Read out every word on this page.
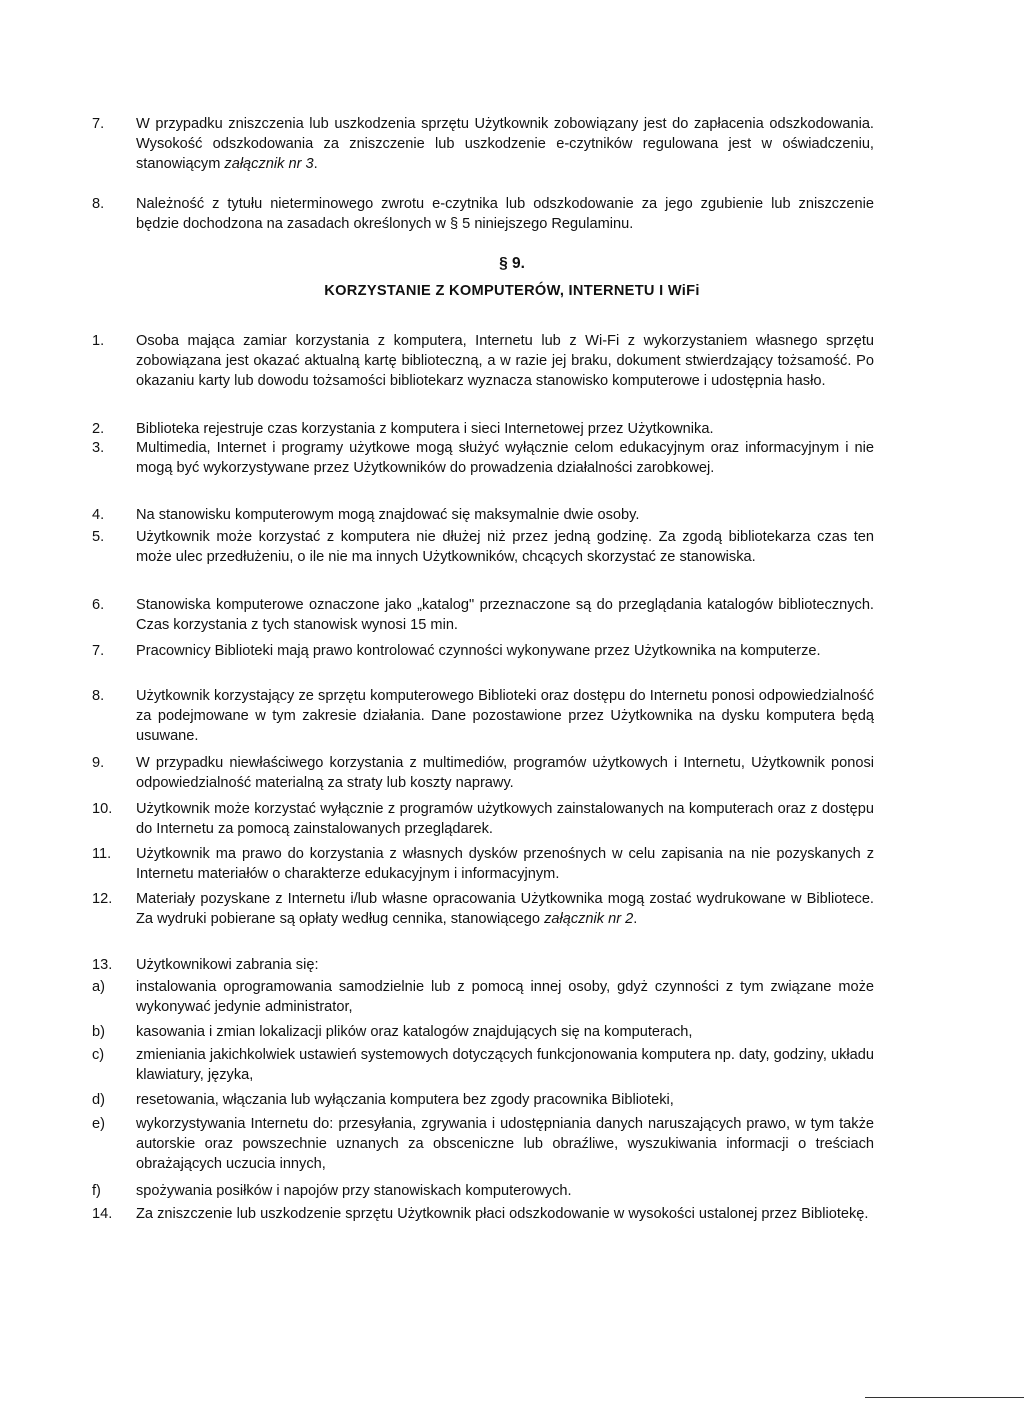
7.	W przypadku zniszczenia lub uszkodzenia sprzętu Użytkownik zobowiązany jest do zapłacenia odszkodowania. Wysokość odszkodowania za zniszczenie lub uszkodzenie e-czytników regulowana jest w oświadczeniu, stanowiącym załącznik nr 3.
8.	Należność z tytułu nieterminowego zwrotu e-czytnika lub odszkodowanie za jego zgubienie lub zniszczenie będzie dochodzona na zasadach określonych w § 5 niniejszego Regulaminu.
§ 9.
KORZYSTANIE Z KOMPUTERÓW, INTERNETU I WiFi
1.	Osoba mająca zamiar korzystania z komputera, Internetu lub z Wi-Fi z wykorzystaniem własnego sprzętu zobowiązana jest okazać aktualną kartę biblioteczną, a w razie jej braku, dokument stwierdzający tożsamość. Po okazaniu karty lub dowodu tożsamości bibliotekarz wyznacza stanowisko komputerowe i udostępnia hasło.
2.	Biblioteka rejestruje czas korzystania z komputera i sieci Internetowej przez Użytkownika.
3.	Multimedia, Internet i programy użytkowe mogą służyć wyłącznie celom edukacyjnym oraz informacyjnym i nie mogą być wykorzystywane przez Użytkowników do prowadzenia działalności zarobkowej.
4.	Na stanowisku komputerowym mogą znajdować się maksymalnie dwie osoby.
5.	Użytkownik może korzystać z komputera nie dłużej niż przez jedną godzinę. Za zgodą bibliotekarza czas ten może ulec przedłużeniu, o ile nie ma innych Użytkowników, chcących skorzystać ze stanowiska.
6.	Stanowiska komputerowe oznaczone jako „katalog" przeznaczone są do przeglądania katalogów bibliotecznych. Czas korzystania z tych stanowisk wynosi 15 min.
7.	Pracownicy Biblioteki mają prawo kontrolować czynności wykonywane przez Użytkownika na komputerze.
8.	Użytkownik korzystający ze sprzętu komputerowego Biblioteki oraz dostępu do Internetu ponosi odpowiedzialność za podejmowane w tym zakresie działania. Dane pozostawione przez Użytkownika na dysku komputera będą usuwane.
9.	W przypadku niewłaściwego korzystania z multimediów, programów użytkowych i Internetu, Użytkownik ponosi odpowiedzialność materialną za straty lub koszty naprawy.
10.	Użytkownik może korzystać wyłącznie z programów użytkowych zainstalowanych na komputerach oraz z dostępu do Internetu za pomocą zainstalowanych przeglądarek.
11.	Użytkownik ma prawo do korzystania z własnych dysków przenośnych w celu zapisania na nie pozyskanych z Internetu materiałów o charakterze edukacyjnym i informacyjnym.
12.	Materiały pozyskane z Internetu i/lub własne opracowania Użytkownika mogą zostać wydrukowane w Bibliotece. Za wydruki pobierane są opłaty według cennika, stanowiącego załącznik nr 2.
13.	Użytkownikowi zabrania się:
a)	instalowania oprogramowania samodzielnie lub z pomocą innej osoby, gdyż czynności z tym związane może wykonywać jedynie administrator,
b)	kasowania i zmian lokalizacji plików oraz katalogów znajdujących się na komputerach,
c)	zmieniania jakichkolwiek ustawień systemowych dotyczących funkcjonowania komputera np. daty, godziny, układu klawiatury, języka,
d)	resetowania, włączania lub wyłączania komputera bez zgody pracownika Biblioteki,
e)	wykorzystywania Internetu do: przesyłania, zgrywania i udostępniania danych naruszających prawo, w tym także autorskie oraz powszechnie uznanych za obsceniczne lub obraźliwe, wyszukiwania informacji o treściach obrażających uczucia innych,
f)	spożywania posiłków i napojów przy stanowiskach komputerowych.
14.	Za zniszczenie lub uszkodzenie sprzętu Użytkownik płaci odszkodowanie w wysokości ustalonej przez Bibliotekę.
